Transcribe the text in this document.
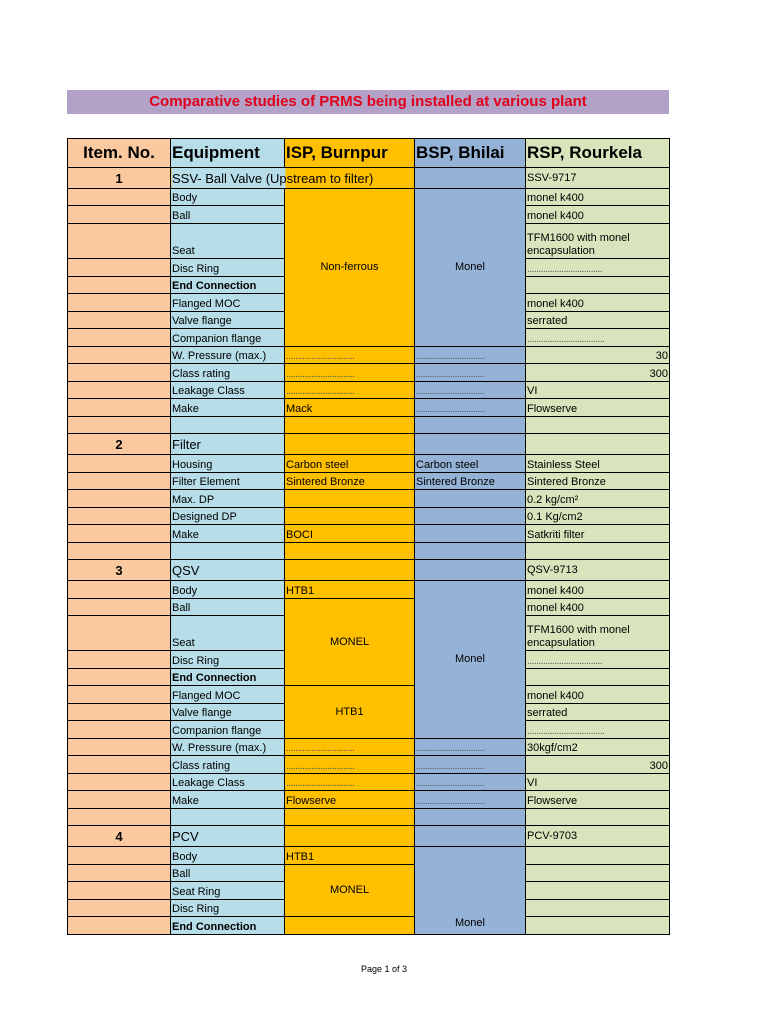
Comparative studies of PRMS being installed at various plant
Item. No.	Equipment	ISP, Burnpur	BSP, Bhilai	RSP, Rourkela
1	SSV- Ball Valve (Upstream to filter)			SSV-9717
	Body	Non-ferrous	Monel	monel k400
	Ball			monel k400
	Seat			TFM1600 with monel encapsulation
	Disc Ring			.................................
	End Connection			
	Flanged MOC			monel k400
	Valve flange			serrated
	Companion flange			..................................
	W. Pressure (max.)	..............................	..............................	30
	Class rating	..............................	..............................	300
	Leakage Class	..............................	..............................	VI
	Make	Mack	..............................	Flowserve

2	Filter			
	Housing	Carbon steel	Carbon steel	Stainless Steel
	Filter Element	Sintered Bronze	Sintered Bronze	Sintered Bronze
	Max. DP			0.2 kg/cm²
	Designed DP			0.1 Kg/cm2
	Make	BOCI		Satkriti filter

3	QSV			QSV-9713
	Body	HTB1	Monel	monel k400
	Ball	MONEL		monel k400
	Seat			TFM1600 with monel encapsulation
	Disc Ring			.................................
	End Connection			
	Flanged MOC	HTB1		monel k400
	Valve flange			serrated
	Companion flange			..................................
	W. Pressure (max.)	..............................	..............................	30kgf/cm2
	Class rating	..............................	..............................	300
	Leakage Class	..............................	..............................	VI
	Make	Flowserve	..............................	Flowserve

4	PCV			PCV-9703
	Body	HTB1	Monel	
	Ball	MONEL		
	Seat Ring			
	Disc Ring			
	End Connection			
Page 1 of 3
